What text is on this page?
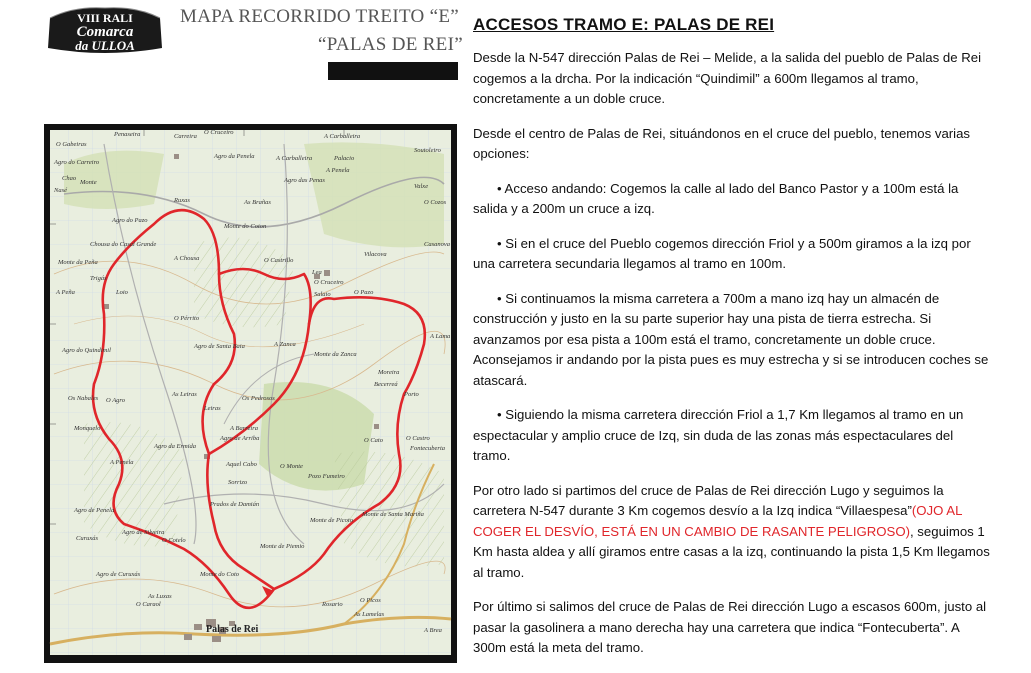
VIII RALI
Comarca
da ULLOA
MAPA RECORRIDO TREITO “E”
“PALAS DE REI”
Penaseira	Carreira
O Cruceiro
O Gabeiras
Agro da Penela	A Carballeira
A Carballeira
Palacio
Soutoleiro
Agro do Carreiro
Agro das Penas
A Penela
Chao
Nasé
Monte
Ruxas
Valxe
As Brañas	O Cozos
Agro do Pazo
Monte do Coton
Chousa do Casal Grande
Monte da Peña
Trigás
A Chousa	O Castrillo
Vilacova
Casanova
A Peña	Loio
Lea
O Cruceiro
Salaio	O Pazo
O Pérrito
Agro de Santa Baia
Agro do Quindimil
A Zanca
Monte da Zanca
A Lama
Becerreá
Os Nabales O Agro
As Leiras
Os Pedrosos
Moreira
Porto
Monquelo
Leiras
A Barreira
Agro de Arriba
Agro da Ermida
A Penela
O Cato	O Castro
Fontecuberta
Agro de Penela
Aquel Cabo	O Monte
Pozo Fumeiro
Sorrizo
Prados de Damián
Monte de Picoto
Monte de Santa Mariña
Curuxás
Agro de Silveira
O Cotelo
Monte de Piemio
Agro de Curuxás	Monte do Coto
As Luxas
O Caraol	Rosario
O Picos
As Lamelas
Palas de Rei	A Brea
ACCESOS TRAMO E: PALAS DE REI

Desde la N-547 dirección Palas de Rei – Melide, a la salida del pueblo de Palas de Rei cogemos a la drcha. Por la indicación “Quindimil” a 600m llegamos al tramo, concretamente a un doble cruce.

Desde el centro de Palas de Rei, situándonos en el cruce del pueblo, tenemos varias opciones:

• Acceso andando: Cogemos la calle al lado del Banco Pastor y a 100m está la salida y a 200m un cruce a izq.

• Si en el cruce del Pueblo cogemos dirección Friol y a 500m giramos a la izq por una carretera secundaria llegamos al tramo en 100m.

• Si continuamos la misma carretera a 700m a mano izq hay un almacén de construcción y justo en la su parte superior hay una pista de tierra estrecha. Si avanzamos por esa pista a 100m está el tramo, concretamente un doble cruce. Aconsejamos ir andando por la pista pues es muy estrecha y si se introducen coches se atascará.

• Siguiendo la misma carretera dirección Friol a 1,7 Km llegamos al tramo en un espectacular y amplio cruce de Izq, sin duda de las zonas más espectaculares del tramo.

Por otro lado si partimos del cruce de Palas de Rei dirección Lugo y seguimos la carretera N-547 durante 3 Km cogemos desvío a la Izq indica “Villaespesa”(OJO AL COGER EL DESVÍO, ESTÁ EN UN CAMBIO DE RASANTE PELIGROSO), seguimos 1 Km hasta aldea y allí giramos entre casas a la izq, continuando la pista 1,5 Km llegamos al tramo.

Por último si salimos del cruce de Palas de Rei dirección Lugo a escasos 600m, justo al pasar la gasolinera a mano derecha hay una carretera que indica “Fontecuberta”. A 300m está la meta del tramo.
